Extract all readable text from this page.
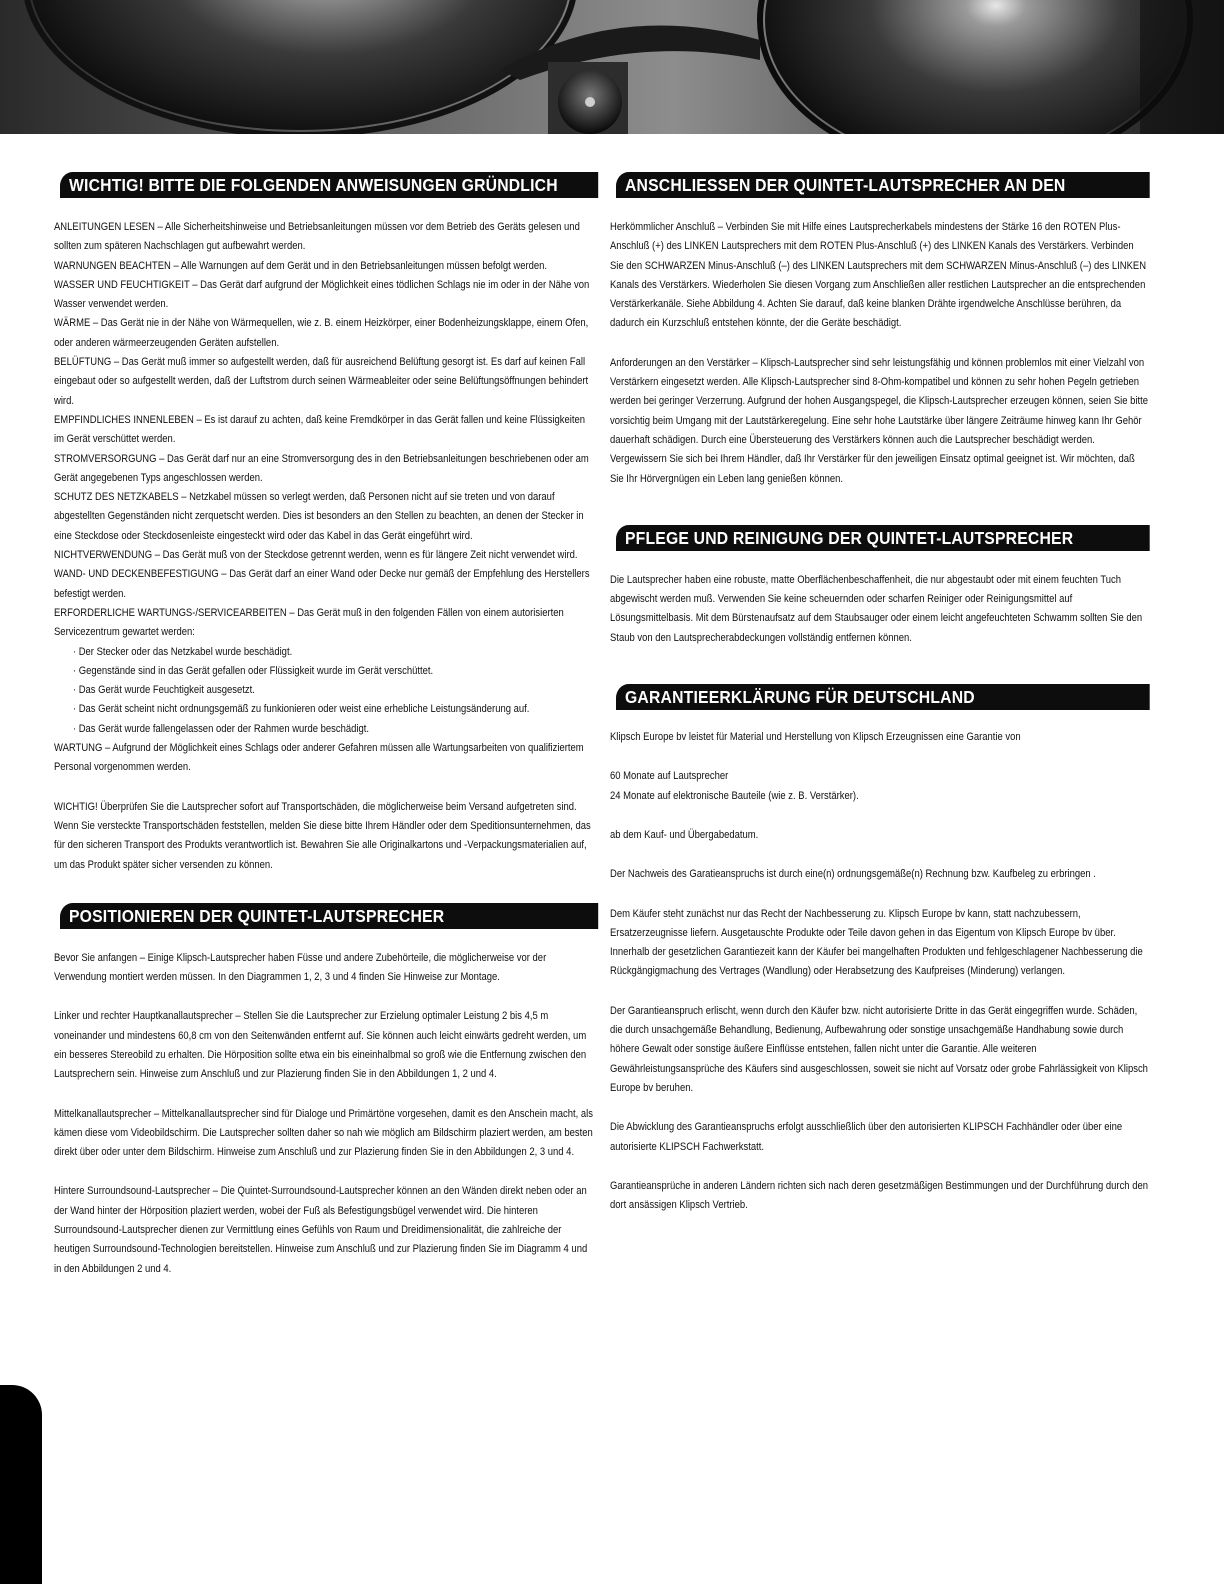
WICHTIG! BITTE DIE FOLGENDEN ANWEISUNGEN GRÜNDLICH LESEN!

ANLEITUNGEN LESEN – Alle Sicherheitshinweise und Betriebsanleitungen müssen vor dem Betrieb des Geräts gelesen und sollten zum späteren Nachschlagen gut aufbewahrt werden.

WARNUNGEN BEACHTEN – Alle Warnungen auf dem Gerät und in den Betriebsanleitungen müssen befolgt werden.

WASSER UND FEUCHTIGKEIT – Das Gerät darf aufgrund der Möglichkeit eines tödlichen Schlags nie im oder in der Nähe von Wasser verwendet werden.

WÄRME – Das Gerät nie in der Nähe von Wärmequellen, wie z. B. einem Heizkörper, einer Bodenheizungsklappe, einem Ofen, oder anderen wärmeerzeugenden Geräten aufstellen.

BELÜFTUNG – Das Gerät muß immer so aufgestellt werden, daß für ausreichend Belüftung gesorgt ist. Es darf auf keinen Fall eingebaut oder so aufgestellt werden, daß der Luftstrom durch seinen Wärmeableiter oder seine Belüftungsöffnungen behindert wird.

EMPFINDLICHES INNENLEBEN – Es ist darauf zu achten, daß keine Fremdkörper in das Gerät fallen und keine Flüssigkeiten im Gerät verschüttet werden.

STROMVERSORGUNG – Das Gerät darf nur an eine Stromversorgung des in den Betriebsanleitungen beschriebenen oder am Gerät angegebenen Typs angeschlossen werden.

SCHUTZ DES NETZKABELS – Netzkabel müssen so verlegt werden, daß Personen nicht auf sie treten und von darauf abgestellten Gegenständen nicht zerquetscht werden. Dies ist besonders an den Stellen zu beachten, an denen der Stecker in eine Steckdose oder Steckdosenleiste eingesteckt wird oder das Kabel in das Gerät eingeführt wird.

NICHTVERWENDUNG – Das Gerät muß von der Steckdose getrennt werden, wenn es für längere Zeit nicht verwendet wird.

WAND- UND DECKENBEFESTIGUNG – Das Gerät darf an einer Wand oder Decke nur gemäß der Empfehlung des Herstellers befestigt werden.

ERFORDERLICHE WARTUNGS-/SERVICEARBEITEN – Das Gerät muß in den folgenden Fällen von einem autorisierten Servicezentrum gewartet werden:

· Der Stecker oder das Netzkabel wurde beschädigt.
· Gegenstände sind in das Gerät gefallen oder Flüssigkeit wurde im Gerät verschüttet.
· Das Gerät wurde Feuchtigkeit ausgesetzt.
· Das Gerät scheint nicht ordnungsgemäß zu funkionieren oder weist eine erhebliche Leistungsänderung auf.
· Das Gerät wurde fallengelassen oder der Rahmen wurde beschädigt.

WARTUNG – Aufgrund der Möglichkeit eines Schlags oder anderer Gefahren müssen alle Wartungsarbeiten von qualifiziertem Personal vorgenommen werden.

WICHTIG! Überprüfen Sie die Lautsprecher sofort auf Transportschäden, die möglicherweise beim Versand aufgetreten sind. Wenn Sie versteckte Transportschäden feststellen, melden Sie diese bitte Ihrem Händler oder dem Speditionsunternehmen, das für den sicheren Transport des Produkts verantwortlich ist. Bewahren Sie alle Originalkartons und -Verpackungsmaterialien auf, um das Produkt später sicher versenden zu können.

POSITIONIEREN DER QUINTET-LAUTSPRECHER

Bevor Sie anfangen – Einige Klipsch-Lautsprecher haben Füsse und andere Zubehörteile, die möglicherweise vor der Verwendung montiert werden müssen. In den Diagrammen 1, 2, 3 und 4 finden Sie Hinweise zur Montage.

Linker und rechter Hauptkanallautsprecher – Stellen Sie die Lautsprecher zur Erzielung optimaler Leistung 2 bis 4,5 m voneinander und mindestens 60,8 cm von den Seitenwänden entfernt auf. Sie können auch leicht einwärts gedreht werden, um ein besseres Stereobild zu erhalten. Die Hörposition sollte etwa ein bis eineinhalbmal so groß wie die Entfernung zwischen den Lautsprechern sein. Hinweise zum Anschluß und zur Plazierung finden Sie in den Abbildungen 1, 2 und 4.

Mittelkanallautsprecher – Mittelkanallautsprecher sind für Dialoge und Primärtöne vorgesehen, damit es den Anschein macht, als kämen diese vom Videobildschirm. Die Lautsprecher sollten daher so nah wie möglich am Bildschirm plaziert werden, am besten direkt über oder unter dem Bildschirm. Hinweise zum Anschluß und zur Plazierung finden Sie in den Abbildungen 2, 3 und 4.

Hintere Surroundsound-Lautsprecher – Die Quintet-Surroundsound-Lautsprecher können an den Wänden direkt neben oder an der Wand hinter der Hörposition plaziert werden, wobei der Fuß als Befestigungsbügel verwendet wird. Die hinteren Surroundsound-Lautsprecher dienen zur Vermittlung eines Gefühls von Raum und Dreidimensionalität, die zahlreiche der heutigen Surroundsound-Technologien bereitstellen. Hinweise zum Anschluß und zur Plazierung finden Sie im Diagramm 4 und in den Abbildungen 2 und 4.

ANSCHLIESSEN DER QUINTET-LAUTSPRECHER AN DEN VERSTÄRKER

Herkömmlicher Anschluß – Verbinden Sie mit Hilfe eines Lautsprecherkabels mindestens der Stärke 16 den ROTEN Plus-Anschluß (+) des LINKEN Lautsprechers mit dem ROTEN Plus-Anschluß (+) des LINKEN Kanals des Verstärkers. Verbinden Sie den SCHWARZEN Minus-Anschluß (–) des LINKEN Lautsprechers mit dem SCHWARZEN Minus-Anschluß (–) des LINKEN Kanals des Verstärkers. Wiederholen Sie diesen Vorgang zum Anschließen aller restlichen Lautsprecher an die entsprechenden Verstärkerkanäle. Siehe Abbildung 4. Achten Sie darauf, daß keine blanken Drähte irgendwelche Anschlüsse berühren, da dadurch ein Kurzschluß entstehen könnte, der die Geräte beschädigt.

Anforderungen an den Verstärker – Klipsch-Lautsprecher sind sehr leistungsfähig und können problemlos mit einer Vielzahl von Verstärkern eingesetzt werden. Alle Klipsch-Lautsprecher sind 8-Ohm-kompatibel und können zu sehr hohen Pegeln getrieben werden bei geringer Verzerrung. Aufgrund der hohen Ausgangspegel, die Klipsch-Lautsprecher erzeugen können, seien Sie bitte vorsichtig beim Umgang mit der Lautstärkeregelung. Eine sehr hohe Lautstärke über längere Zeiträume hinweg kann Ihr Gehör dauerhaft schädigen. Durch eine Übersteuerung des Verstärkers können auch die Lautsprecher beschädigt werden. Vergewissern Sie sich bei Ihrem Händler, daß Ihr Verstärker für den jeweiligen Einsatz optimal geeignet ist. Wir möchten, daß Sie Ihr Hörvergnügen ein Leben lang genießen können.

PFLEGE UND REINIGUNG DER QUINTET-LAUTSPRECHER

Die Lautsprecher haben eine robuste, matte Oberflächenbeschaffenheit, die nur abgestaubt oder mit einem feuchten Tuch abgewischt werden muß. Verwenden Sie keine scheuernden oder scharfen Reiniger oder Reinigungsmittel auf Lösungsmittelbasis. Mit dem Bürstenaufsatz auf dem Staubsauger oder einem leicht angefeuchteten Schwamm sollten Sie den Staub von den Lautsprecherabdeckungen vollständig entfernen können.

GARANTIEERKLÄRUNG FÜR DEUTSCHLAND

Klipsch Europe bv leistet für Material und Herstellung von Klipsch Erzeugnissen eine Garantie von

60 Monate auf Lautsprecher

24 Monate auf elektronische Bauteile (wie z. B. Verstärker).

ab dem Kauf- und Übergabedatum.

Der Nachweis des Garatieanspruchs ist durch eine(n) ordnungsgemäße(n) Rechnung bzw. Kaufbeleg zu erbringen .

Dem Käufer steht zunächst nur das Recht der Nachbesserung zu. Klipsch Europe bv kann, statt nachzubessern, Ersatzerzeugnisse liefern. Ausgetauschte Produkte oder Teile davon gehen in das Eigentum von Klipsch Europe bv über. Innerhalb der gesetzlichen Garantiezeit kann der Käufer bei mangelhaften Produkten und fehlgeschlagener Nachbesserung die Rückgängigmachung des Vertrages (Wandlung) oder Herabsetzung des Kaufpreises (Minderung) verlangen.

Der Garantieanspruch erlischt, wenn durch den Käufer bzw. nicht autorisierte Dritte in das Gerät eingegriffen wurde. Schäden, die durch unsachgemäße Behandlung, Bedienung, Aufbewahrung oder sonstige unsachgemäße Handhabung sowie durch höhere Gewalt oder sonstige äußere Einflüsse entstehen, fallen nicht unter die Garantie. Alle weiteren Gewährleistungsansprüche des Käufers sind ausgeschlossen, soweit sie nicht auf Vorsatz oder grobe Fahrlässigkeit von Klipsch Europe bv beruhen.

Die Abwicklung des Garantieanspruchs erfolgt ausschließlich über den autorisierten KLIPSCH Fachhändler oder über eine autorisierte KLIPSCH Fachwerkstatt.

Garantieansprüche in anderen Ländern richten sich nach deren gesetzmäßigen Bestimmungen und der Durchführung durch den dort ansässigen Klipsch Vertrieb.
